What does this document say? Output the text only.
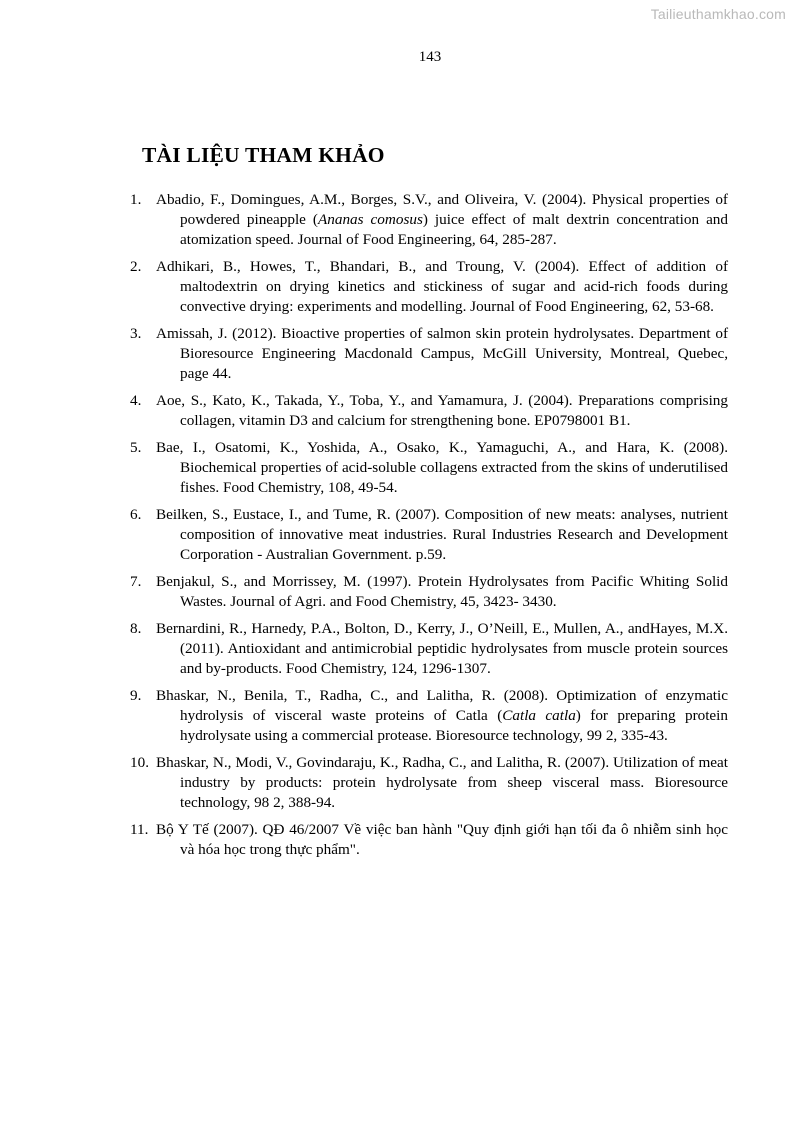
Tailieuthamkhao.com
143
TÀI LIỆU THAM KHẢO
1. Abadio, F., Domingues, A.M., Borges, S.V., and Oliveira, V. (2004). Physical properties of powdered pineapple (Ananas comosus) juice effect of malt dextrin concentration and atomization speed. Journal of Food Engineering, 64, 285-287.
2. Adhikari, B., Howes, T., Bhandari, B., and Troung, V. (2004). Effect of addition of maltodextrin on drying kinetics and stickiness of sugar and acid-rich foods during convective drying: experiments and modelling. Journal of Food Engineering, 62, 53-68.
3. Amissah, J. (2012). Bioactive properties of salmon skin protein hydrolysates. Department of Bioresource Engineering Macdonald Campus, McGill University, Montreal, Quebec, page 44.
4. Aoe, S., Kato, K., Takada, Y., Toba, Y., and Yamamura, J. (2004). Preparations comprising collagen, vitamin D3 and calcium for strengthening bone. EP0798001 B1.
5. Bae, I., Osatomi, K., Yoshida, A., Osako, K., Yamaguchi, A., and Hara, K. (2008). Biochemical properties of acid-soluble collagens extracted from the skins of underutilised fishes. Food Chemistry, 108, 49-54.
6. Beilken, S., Eustace, I., and Tume, R. (2007). Composition of new meats: analyses, nutrient composition of innovative meat industries. Rural Industries Research and Development Corporation - Australian Government. p.59.
7. Benjakul, S., and Morrissey, M. (1997). Protein Hydrolysates from Pacific Whiting Solid Wastes. Journal of Agri. and Food Chemistry, 45, 3423- 3430.
8. Bernardini, R., Harnedy, P.A., Bolton, D., Kerry, J., O’Neill, E., Mullen, A., andHayes, M.X. (2011). Antioxidant and antimicrobial peptidic hydrolysates from muscle protein sources and by-products. Food Chemistry, 124, 1296-1307.
9. Bhaskar, N., Benila, T., Radha, C., and Lalitha, R. (2008). Optimization of enzymatic hydrolysis of visceral waste proteins of Catla (Catla catla) for preparing protein hydrolysate using a commercial protease. Bioresource technology, 99 2, 335-43.
10. Bhaskar, N., Modi, V., Govindaraju, K., Radha, C., and Lalitha, R. (2007). Utilization of meat industry by products: protein hydrolysate from sheep visceral mass. Bioresource technology, 98 2, 388-94.
11. Bộ Y Tế (2007). QĐ 46/2007 Về việc ban hành "Quy định giới hạn tối đa ô nhiễm sinh học và hóa học trong thực phẩm".
